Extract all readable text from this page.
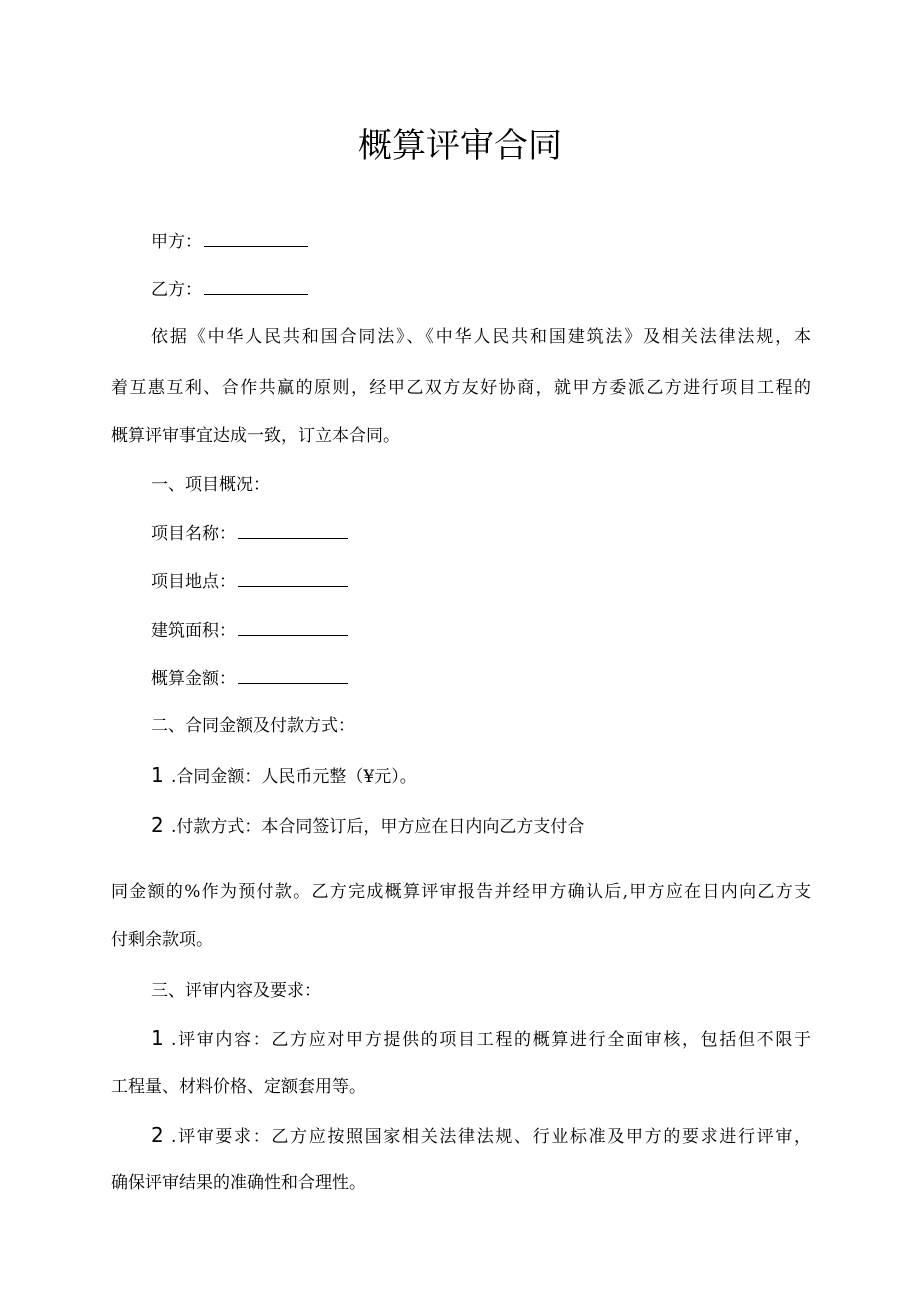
概算评审合同

甲方：

乙方：

依据《中华人民共和国合同法》、《中华人民共和国建筑法》及相关法律法规，本

着互惠互利、合作共赢的原则，经甲乙双方友好协商，就甲方委派乙方进行项目工程的

概算评审事宜达成一致，订立本合同。

一、项目概况：

项目名称：

项目地点：

建筑面积：

概算金额：

二、合同金额及付款方式：

1 .合同金额：人民币元整（¥元）。

2 .付款方式：本合同签订后，甲方应在日内向乙方支付合

同金额的%作为预付款。乙方完成概算评审报告并经甲方确认后,甲方应在日内向乙方支

付剩余款项。

三、评审内容及要求：

1 .评审内容：乙方应对甲方提供的项目工程的概算进行全面审核，包括但不限于

工程量、材料价格、定额套用等。

2 .评审要求：乙方应按照国家相关法律法规、行业标准及甲方的要求进行评审，

确保评审结果的准确性和合理性。
